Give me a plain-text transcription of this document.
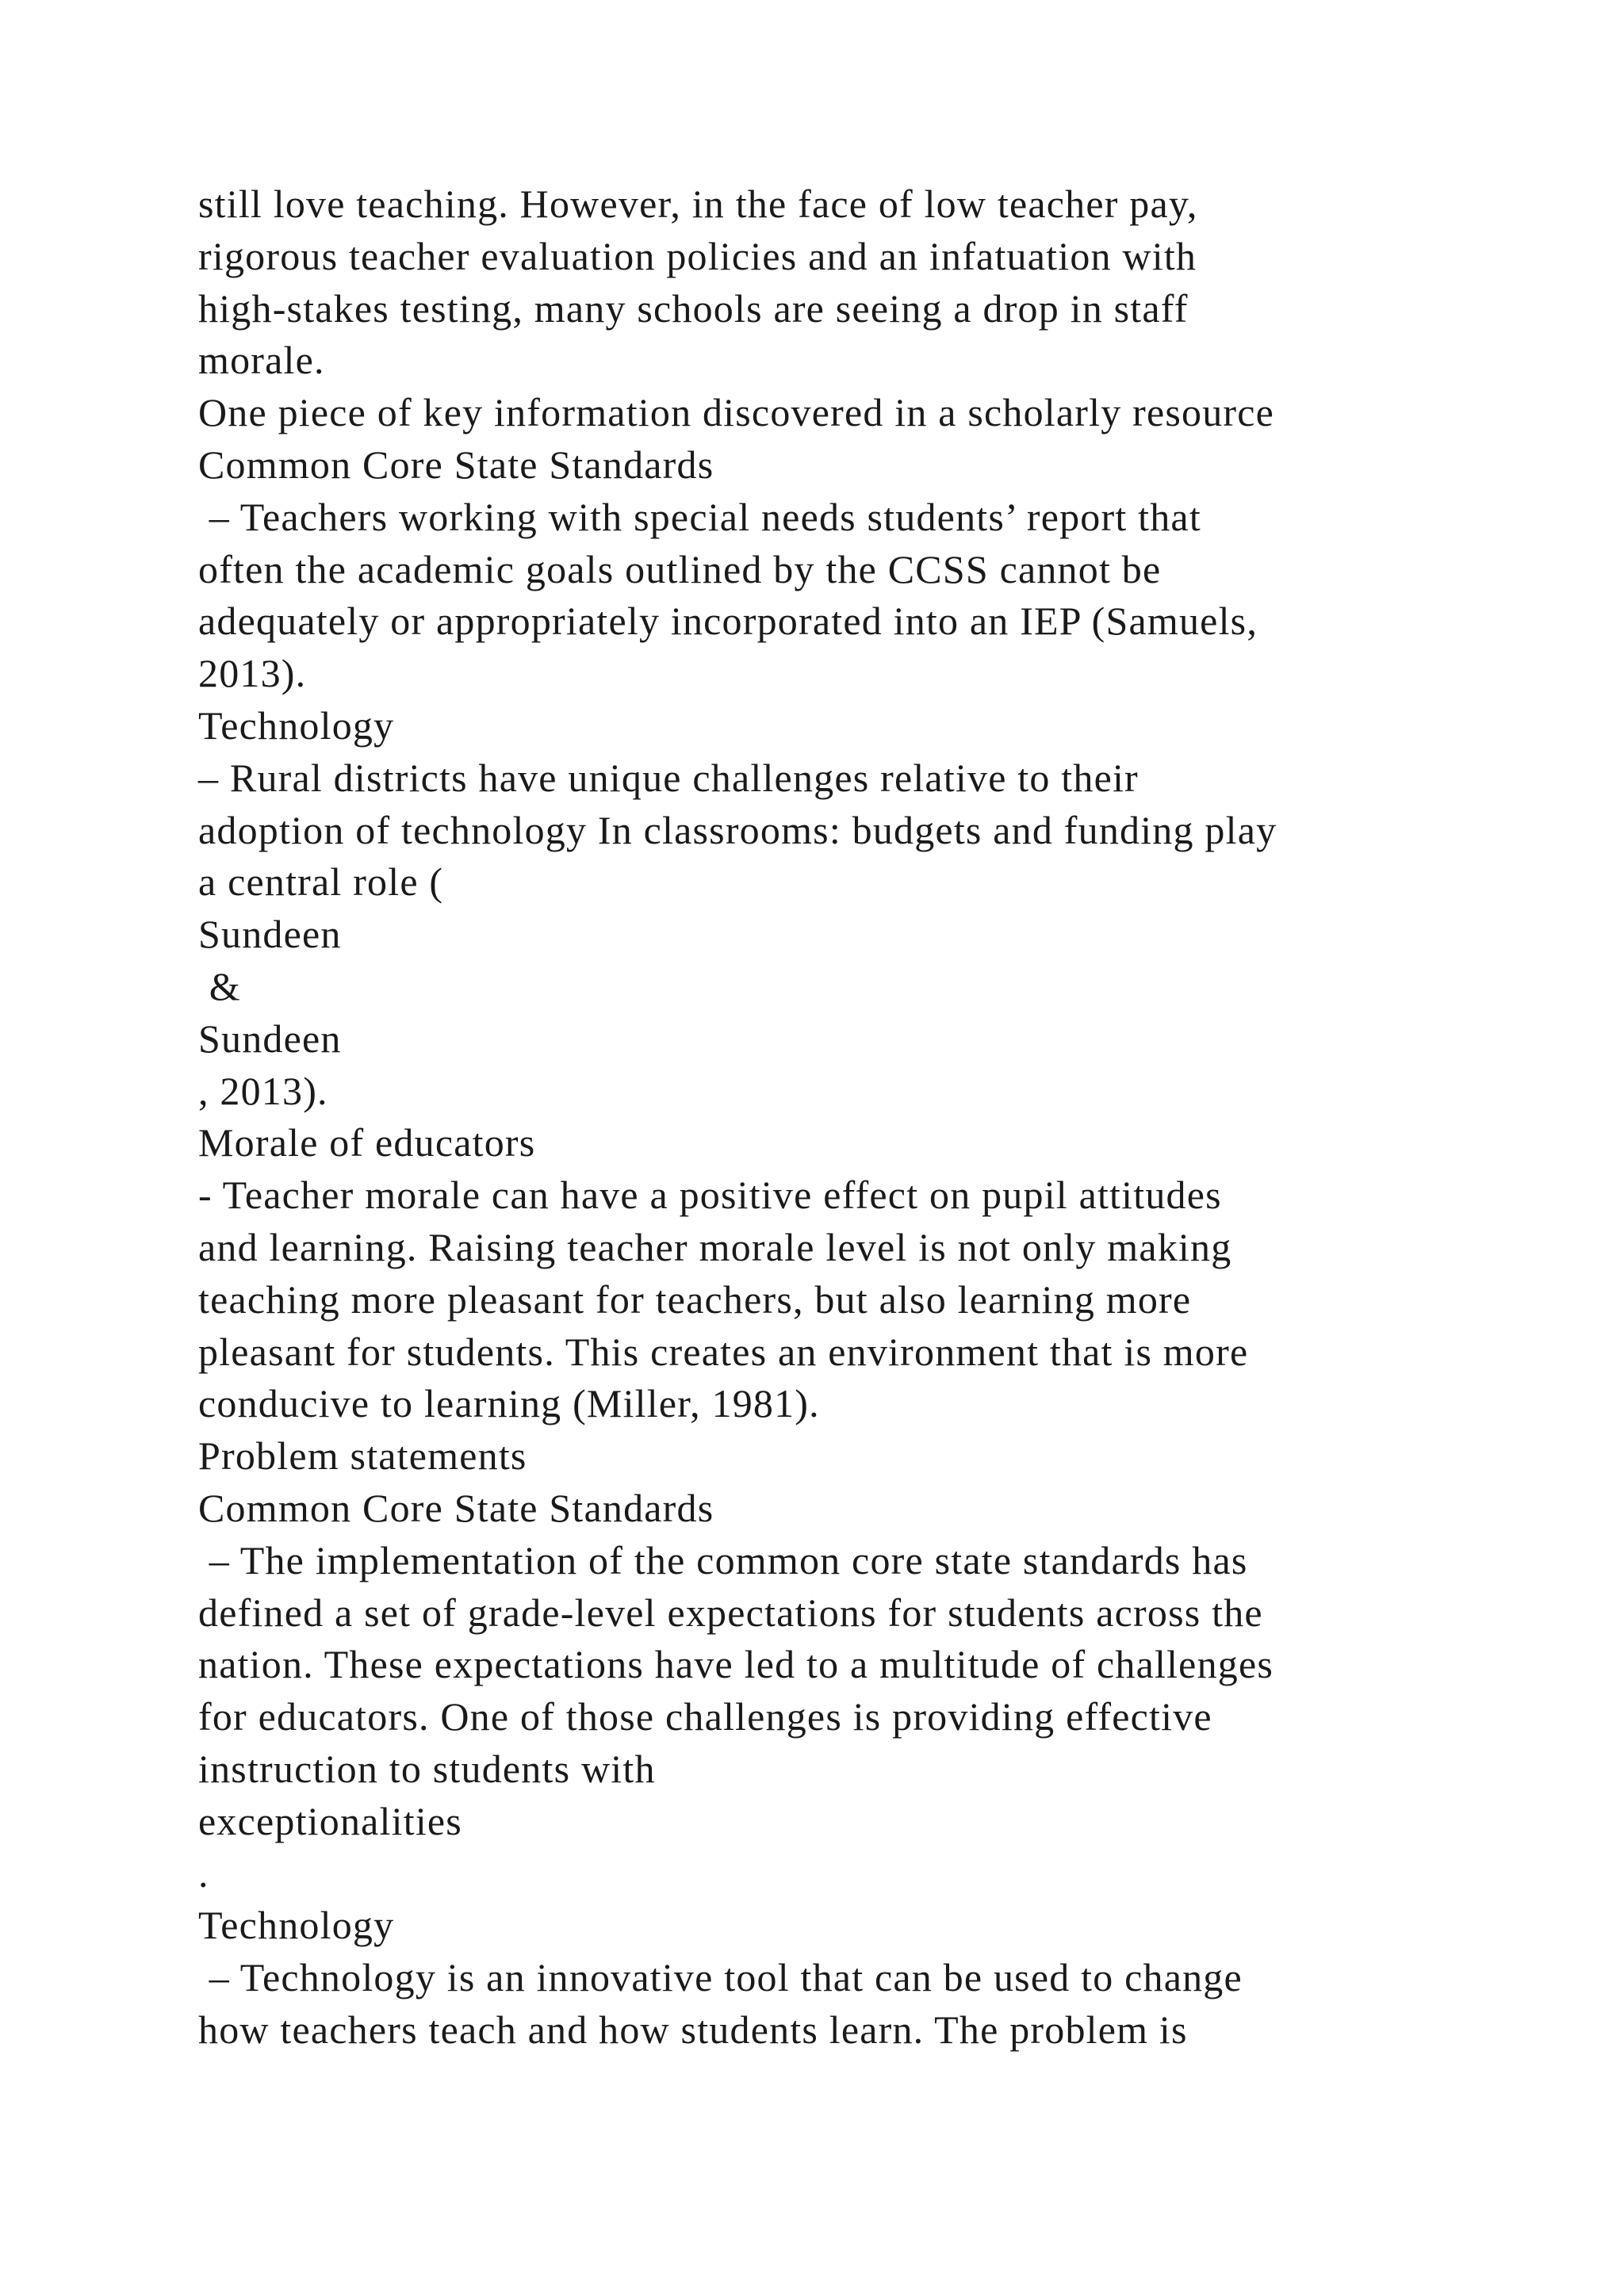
still love teaching. However, in the face of low teacher pay,
rigorous teacher evaluation policies and an infatuation with
high-stakes testing, many schools are seeing a drop in staff
morale.
One piece of key information discovered in a scholarly resource
Common Core State Standards
– Teachers working with special needs students’ report that
often the academic goals outlined by the CCSS cannot be
adequately or appropriately incorporated into an IEP (Samuels,
2013).
Technology
– Rural districts have unique challenges relative to their
adoption of technology In classrooms: budgets and funding play
a central role (
Sundeen
&
Sundeen
, 2013).
Morale of educators
- Teacher morale can have a positive effect on pupil attitudes
and learning. Raising teacher morale level is not only making
teaching more pleasant for teachers, but also learning more
pleasant for students. This creates an environment that is more
conducive to learning (Miller, 1981).
Problem statements
Common Core State Standards
– The implementation of the common core state standards has
defined a set of grade-level expectations for students across the
nation. These expectations have led to a multitude of challenges
for educators. One of those challenges is providing effective
instruction to students with
exceptionalities
.
Technology
– Technology is an innovative tool that can be used to change
how teachers teach and how students learn. The problem is
